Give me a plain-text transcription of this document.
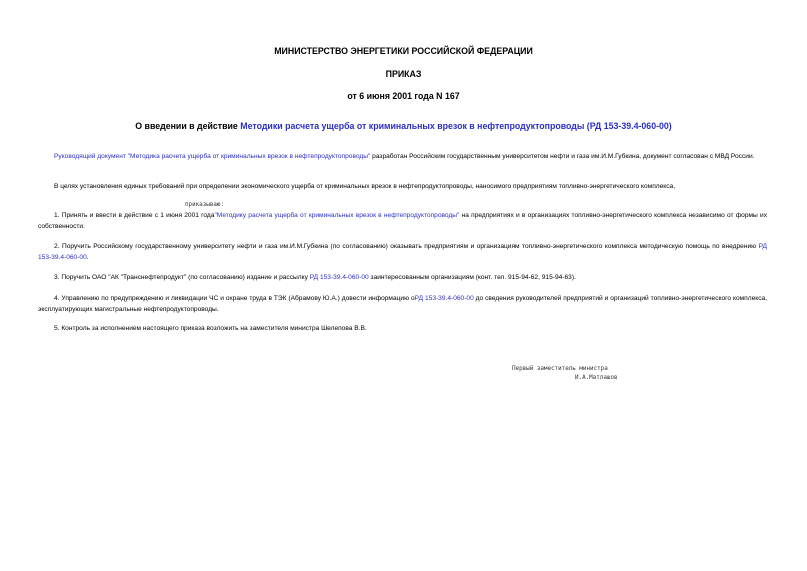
МИНИСТЕРСТВО ЭНЕРГЕТИКИ РОССИЙСКОЙ ФЕДЕРАЦИИ
ПРИКАЗ
от 6 июня 2001 года N 167
О введении в действие Методики расчета ущерба от криминальных врезок в нефтепродуктопроводы (РД 153-39.4-060-00)
Руководящий документ "Методика расчета ущерба от криминальных врезок в нефтепродуктопроводы" разработан Российским государственным университетом нефти и газа им.И.М.Губкина, документ согласован с МВД России.
В целях установления единых требований при определении экономического ущерба от криминальных врезок в нефтепродуктопроводы, наносимого предприятиям топливно-энергетического комплекса,
приказываю:
1. Принять и ввести в действие с 1 июня 2001 года"Методику расчета ущерба от криминальных врезок в нефтепродуктопроводы" на предприятиях и в организациях топливно-энергетического комплекса независимо от формы их собственности.
2. Поручить Российскому государственному университету нефти и газа им.И.М.Губкина (по согласованию) оказывать предприятиям и организациям топливно-энергетического комплекса методическую помощь по внедрению РД 153-39.4-060-00.
3. Поручить ОАО "АК "Транснефтепродукт" (по согласованию) издание и рассылку РД 153-39.4-060-00 заинтересованным организациям (конт. тел. 915-94-62, 915-94-63).
4. Управлению по предупреждению и ликвидации ЧС и охране труда в ТЭК (Абрамову Ю.А.) довести информацию оРД 153-39.4-060-00 до сведения руководителей предприятий и организаций топливно-энергетического комплекса, эксплуатирующих магистральные нефтепродуктопроводы.
5. Контроль за исполнением настоящего приказа возложить на заместителя министра Шелепова В.В.
Первый заместитель министра
И.А.Матлашов
